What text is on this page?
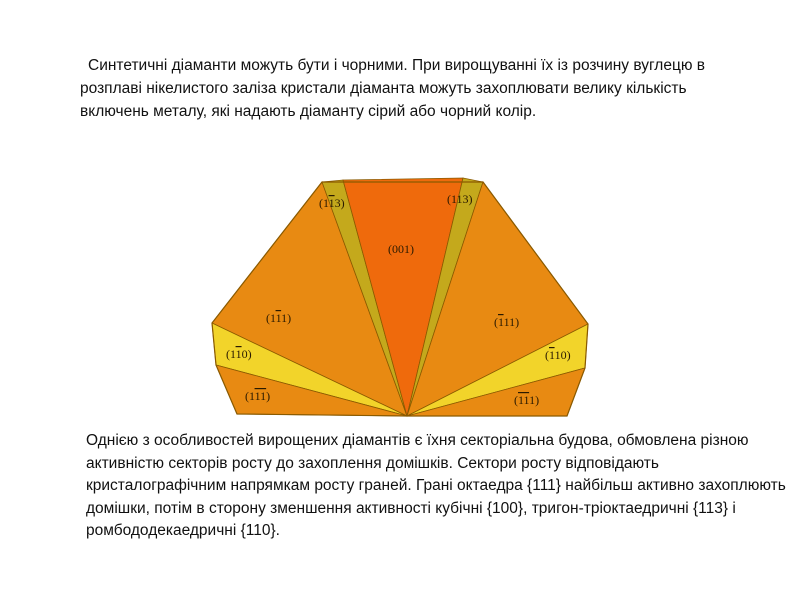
Синтетичні діаманти можуть бути і чорними. При вирощуванні їх із розчину вуглецю в розплаві нікелистого заліза кристали діаманта можуть захоплювати велику кількість включень металу, які надають діаманту сірий або чорний колір.

(113)	(113)
(001)
(111)	(111)
(110)	(110)
(111)	(111)

Однією з особливостей вирощених діамантів є їхня секторіальна будова, обмовлена різною активністю секторів росту до захоплення домішків. Сектори росту відповідають кристалографічним напрямкам росту граней. Грані октаедра {111} найбільш активно захоплюють домішки, потім в сторону зменшення активності кубічні {100}, тригон-тріоктаедричні {113} і ромбододекаедричні {110}.
